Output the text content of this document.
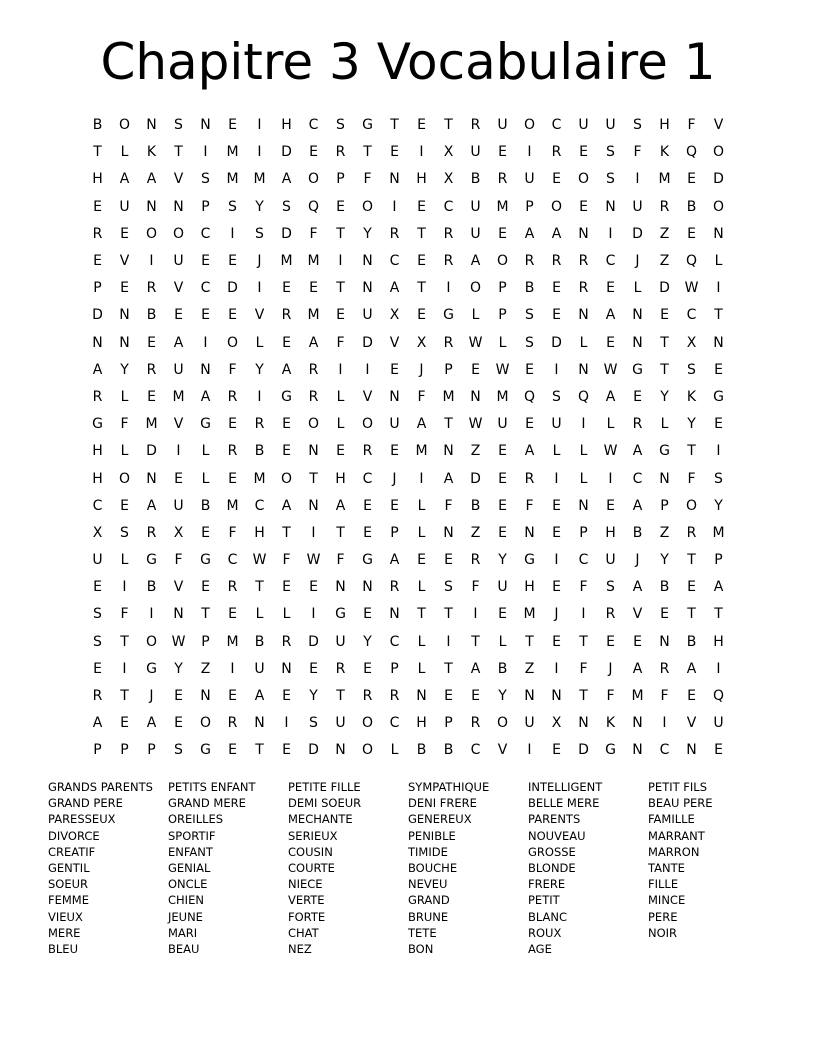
Chapitre 3 Vocabulaire 1
B	O	N	S	N	E	I	H	C	S	G	T	E	T	R	U	O	C	U	U	S	H	F	V
T	L	K	T	I	M	I	D	E	R	T	E	I	X	U	E	I	R	E	S	F	K	Q	O
H	A	A	V	S	M	M	A	O	P	F	N	H	X	B	R	U	E	O	S	I	M	E	D
E	U	N	N	P	S	Y	S	Q	E	O	I	E	C	U	M	P	O	E	N	U	R	B	O
R	E	O	O	C	I	S	D	F	T	Y	R	T	R	U	E	A	A	N	I	D	Z	E	N
E	V	I	U	E	E	J	M	M	I	N	C	E	R	A	O	R	R	R	C	J	Z	Q	L
P	E	R	V	C	D	I	E	E	T	N	A	T	I	O	P	B	E	R	E	L	D	W	I
D	N	B	E	E	E	V	R	M	E	U	X	E	G	L	P	S	E	N	A	N	E	C	T
N	N	E	A	I	O	L	E	A	F	D	V	X	R	W	L	S	D	L	E	N	T	X	N
A	Y	R	U	N	F	Y	A	R	I	I	E	J	P	E	W	E	I	N	W	G	T	S	E
R	L	E	M	A	R	I	G	R	L	V	N	F	M	N	M	Q	S	Q	A	E	Y	K	G
G	F	M	V	G	E	R	E	O	L	O	U	A	T	W	U	E	U	I	L	R	L	Y	E
H	L	D	I	L	R	B	E	N	E	R	E	M	N	Z	E	A	L	L	W	A	G	T	I
H	O	N	E	L	E	M	O	T	H	C	J	I	A	D	E	R	I	L	I	C	N	F	S
C	E	A	U	B	M	C	A	N	A	E	E	L	F	B	E	F	E	N	E	A	P	O	Y
X	S	R	X	E	F	H	T	I	T	E	P	L	N	Z	E	N	E	P	H	B	Z	R	M
U	L	G	F	G	C	W	F	W	F	G	A	E	E	R	Y	G	I	C	U	J	Y	T	P
E	I	B	V	E	R	T	E	E	N	N	R	L	S	F	U	H	E	F	S	A	B	E	A
S	F	I	N	T	E	L	L	I	G	E	N	T	T	I	E	M	J	I	R	V	E	T	T
S	T	O	W	P	M	B	R	D	U	Y	C	L	I	T	L	T	E	T	E	E	N	B	H
E	I	G	Y	Z	I	U	N	E	R	E	P	L	T	A	B	Z	I	F	J	A	R	A	I
R	T	J	E	N	E	A	E	Y	T	R	R	N	E	E	Y	N	N	T	F	M	F	E	Q
A	E	A	E	O	R	N	I	S	U	O	C	H	P	R	O	U	X	N	K	N	I	V	U
P	P	P	S	G	E	T	E	D	N	O	L	B	B	C	V	I	E	D	G	N	C	N	E
GRANDS PARENTS
GRAND PERE
PARESSEUX
DIVORCE
CREATIF
GENTIL
SOEUR
FEMME
VIEUX
MERE
BLEU
PETITS ENFANT
GRAND MERE
OREILLES
SPORTIF
ENFANT
GENIAL
ONCLE
CHIEN
JEUNE
MARI
BEAU
PETITE FILLE
DEMI SOEUR
MECHANTE
SERIEUX
COUSIN
COURTE
NIECE
VERTE
FORTE
CHAT
NEZ
SYMPATHIQUE
DENI FRERE
GENEREUX
PENIBLE
TIMIDE
BOUCHE
NEVEU
GRAND
BRUNE
TETE
BON
INTELLIGENT
BELLE MERE
PARENTS
NOUVEAU
GROSSE
BLONDE
FRERE
PETIT
BLANC
ROUX
AGE
PETIT FILS
BEAU PERE
FAMILLE
MARRANT
MARRON
TANTE
FILLE
MINCE
PERE
NOIR
